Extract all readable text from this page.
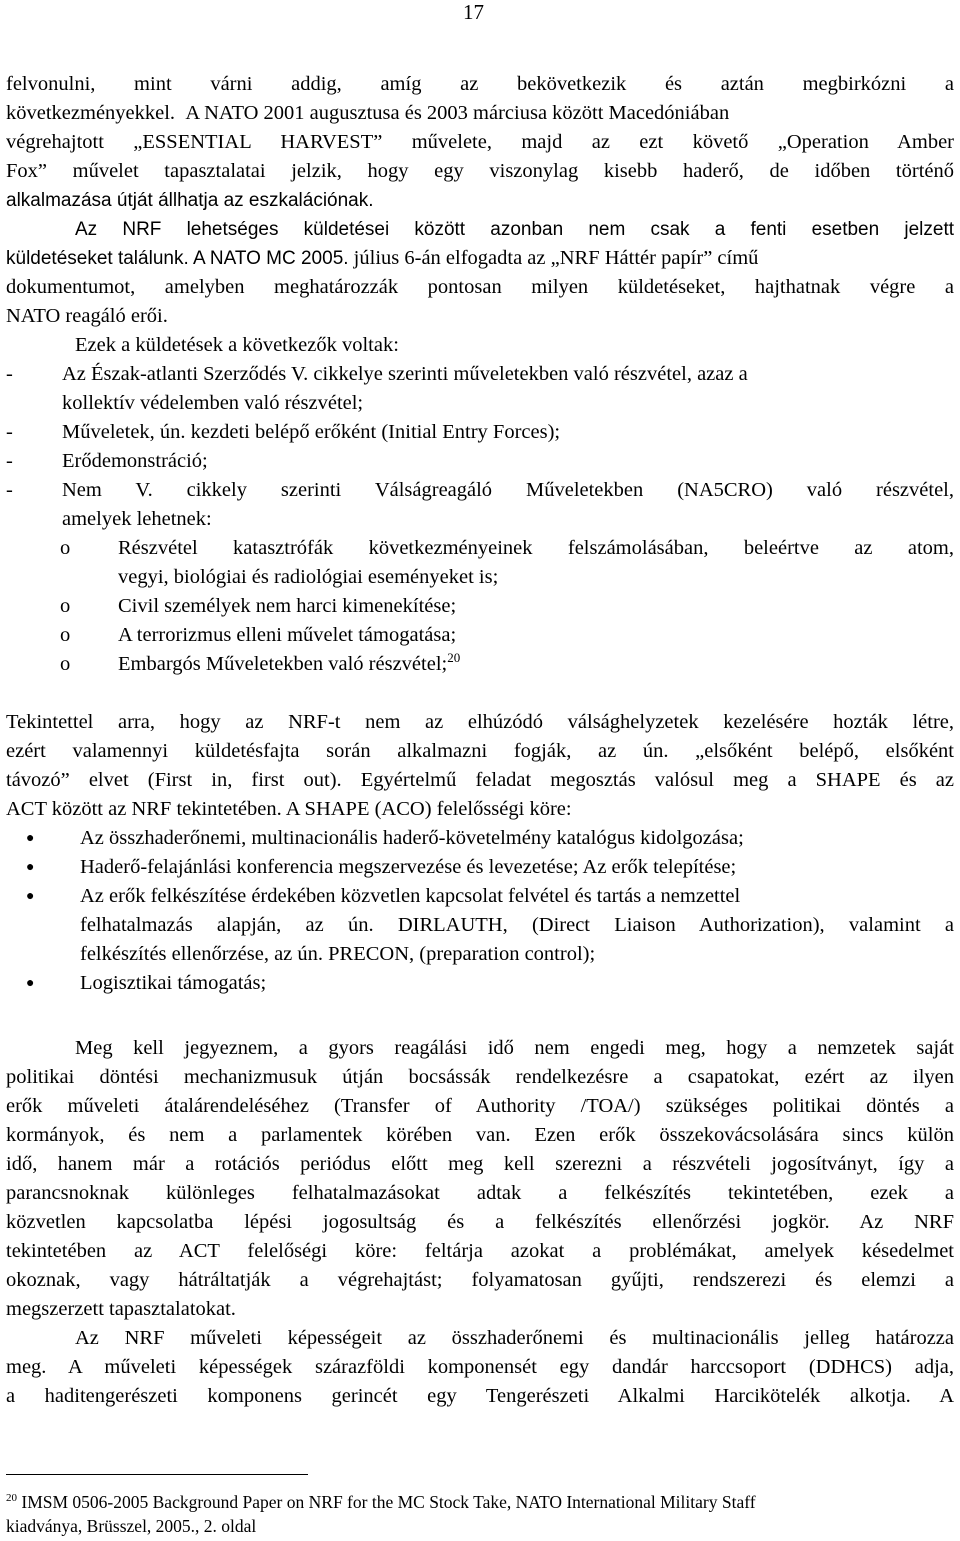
17
felvonulni, mint várni addig, amíg az bekövetkezik és aztán megbirkózni a
következményekkel. A NATO 2001 augusztusa és 2003 márciusa között Macedóniában
végrehajtott „ESSENTIAL HARVEST” művelete, majd az ezt követő „Operation Amber
Fox” művelet tapasztalatai jelzik, hogy egy viszonylag kisebb haderő, de időben történő
alkalmazása útját állhatja az eszkalációnak.
Az NRF lehetséges küldetései között azonban nem csak a fenti esetben jelzett
küldetéseket találunk. A NATO MC 2005. július 6-án elfogadta az „NRF Háttér papír” című
dokumentumot, amelyben meghatározzák pontosan milyen küldetéseket, hajthatnak végre a
NATO reagáló erői.
Ezek a küldetések a következők voltak:
- Az Észak-atlanti Szerződés V. cikkelye szerinti műveletekben való részvétel, azaz a
kollektív védelemben való részvétel;
- Műveletek, ún. kezdeti belépő erőként (Initial Entry Forces);
- Erődemonstráció;
- Nem V. cikkely szerinti Válságreagáló Műveletekben (NA5CRO) való részvétel,
amelyek lehetnek:
o Részvétel katasztrófák következményeinek felszámolásában, beleértve az atom,
vegyi, biológiai és radiológiai eseményeket is;
o Civil személyek nem harci kimenekítése;
o A terrorizmus elleni művelet támogatása;
o Embargós Műveletekben való részvétel;$^{20}$
Tekintettel arra, hogy az NRF-t nem az elhúzódó válsághelyzetek kezelésére hozták létre,
ezért valamennyi küldetésfajta során alkalmazni fogják, az ún. „elsőként belépő, elsőként
távozó” elvet (First in, first out). Egyértelmű feladat megosztás valósul meg a SHAPE és az
ACT között az NRF tekintetében. A SHAPE (ACO) felelősségi köre:
● Az összhaderőnemi, multinacionális haderő-követelmény katalógus kidolgozása;
● Haderő-felajánlási konferencia megszervezése és levezetése; Az erők telepítése;
● Az erők felkészítése érdekében közvetlen kapcsolat felvétel és tartás a nemzettel
felhatalmazás alapján, az ún. DIRLAUTH, (Direct Liaison Authorization), valamint a
felkészítés ellenőrzése, az ún. PRECON, (preparation control);
● Logisztikai támogatás;
Meg kell jegyeznem, a gyors reagálási idő nem engedi meg, hogy a nemzetek saját
politikai döntési mechanizmusuk útján bocsássák rendelkezésre a csapatokat, ezért az ilyen
erők műveleti átalárendeléséhez (Transfer of Authority /TOA/) szükséges politikai döntés a
kormányok, és nem a parlamentek körében van. Ezen erők összekovácsolására sincs külön
idő, hanem már a rotációs periódus előtt meg kell szerezni a részvételi jogosítványt, így a
parancsnoknak különleges felhatalmazásokat adtak a felkészítés tekintetében, ezek a
közvetlen kapcsolatba lépési jogosultság és a felkészítés ellenőrzési jogkör. Az NRF
tekintetében az ACT felelőségi köre: feltárja azokat a problémákat, amelyek késedelmet
okoznak, vagy hátráltatják a végrehajtást; folyamatosan gyűjti, rendszerezi és elemzi a
megszerzett tapasztalatokat.
Az NRF műveleti képességeit az összhaderőnemi és multinacionális jelleg határozza
meg. A műveleti képességek szárazföldi komponensét egy dandár harccsoport (DDHCS) adja,
a haditengerészeti komponens gerincét egy Tengerészeti Alkalmi Harcikötelék alkotja. A
$^{20}$ IMSM 0506-2005 Background Paper on NRF for the MC Stock Take, NATO International Military Staff
kiadványa, Brüsszel, 2005., 2. oldal
